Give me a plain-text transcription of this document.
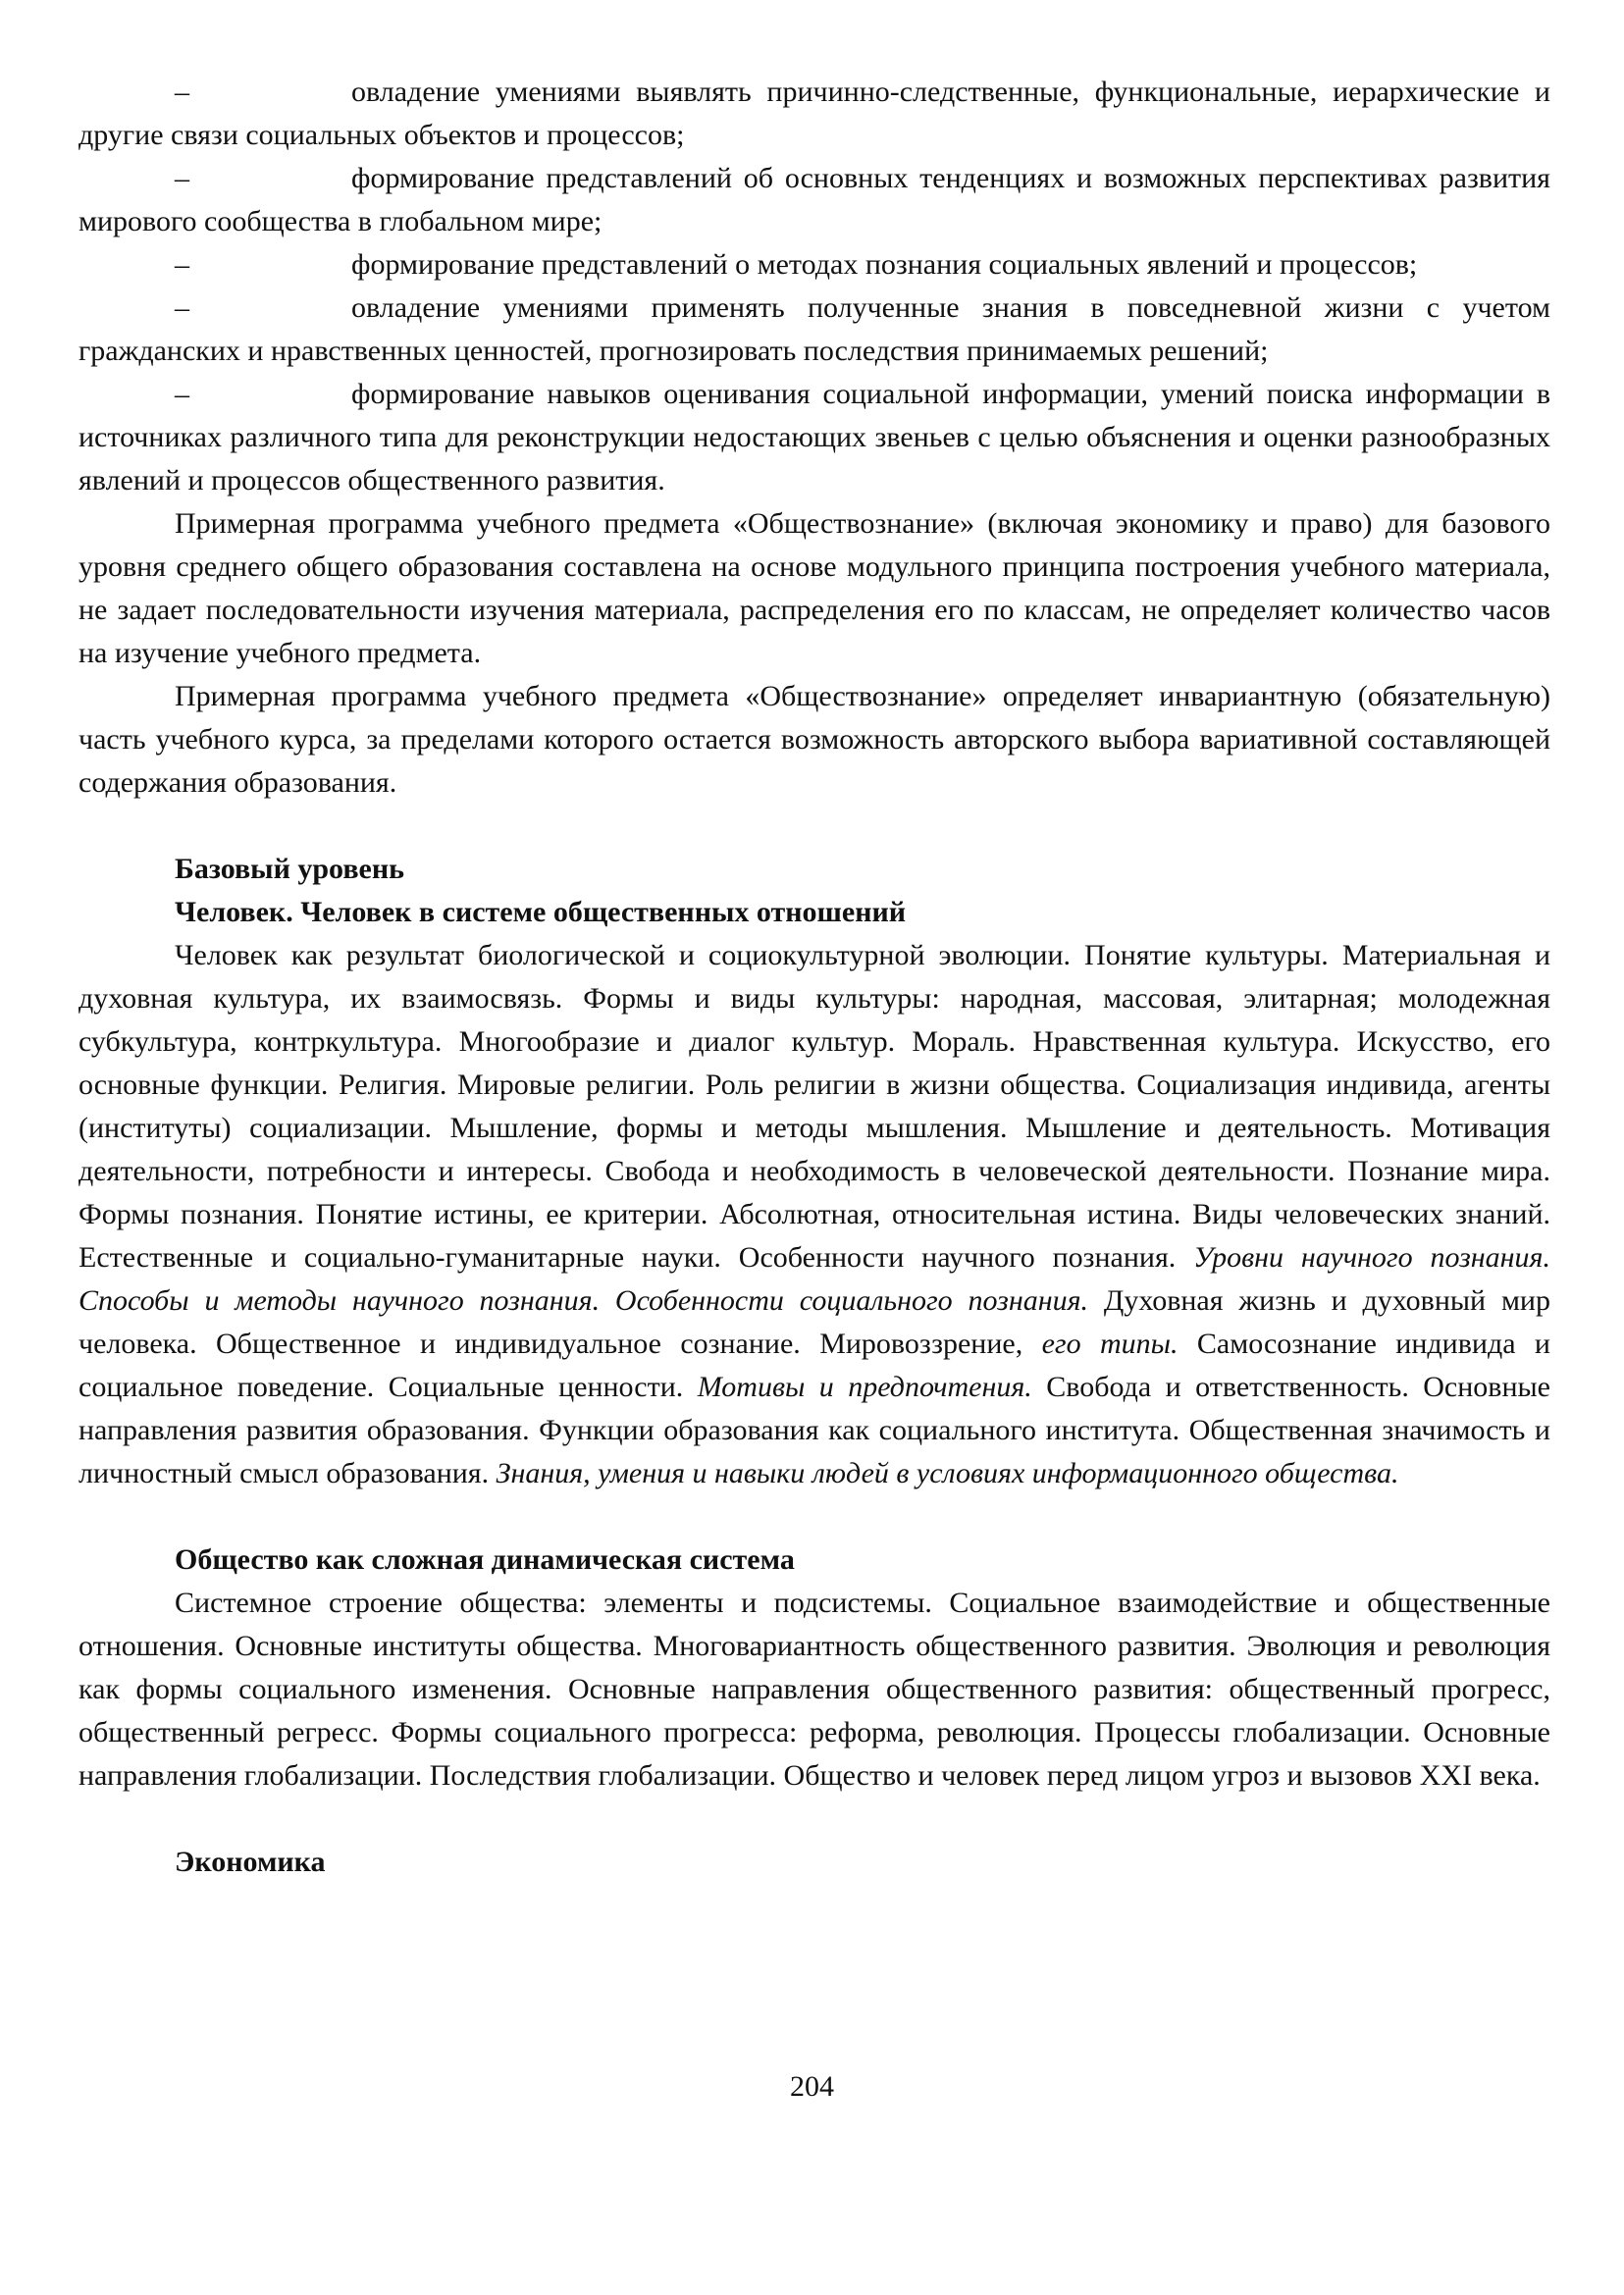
–	овладение умениями выявлять причинно-следственные, функциональные, иерархические и другие связи социальных объектов и процессов;

–	формирование представлений об основных тенденциях и возможных перспективах развития мирового сообщества в глобальном мире;

–	формирование представлений о методах познания социальных явлений и процессов;

–	овладение умениями применять полученные знания в повседневной жизни с учетом гражданских и нравственных ценностей, прогнозировать последствия принимаемых решений;

–	формирование навыков оценивания социальной информации, умений поиска информации в источниках различного типа для реконструкции недостающих звеньев с целью объяснения и оценки разнообразных явлений и процессов общественного развития.

Примерная программа учебного предмета «Обществознание» (включая экономику и право) для базового уровня среднего общего образования составлена на основе модульного принципа построения учебного материала, не задает последовательности изучения материала, распределения его по классам, не определяет количество часов на изучение учебного предмета.

Примерная программа учебного предмета «Обществознание» определяет инвариантную (обязательную) часть учебного курса, за пределами которого остается возможность авторского выбора вариативной составляющей содержания образования.

Базовый уровень

Человек. Человек в системе общественных отношений

Человек как результат биологической и социокультурной эволюции. Понятие культуры. Материальная и духовная культура, их взаимосвязь. Формы и виды культуры: народная, массовая, элитарная; молодежная субкультура, контркультура. Многообразие и диалог культур. Мораль. Нравственная культура. Искусство, его основные функции. Религия. Мировые религии. Роль религии в жизни общества. Социализация индивида, агенты (институты) социализации. Мышление, формы и методы мышления. Мышление и деятельность. Мотивация деятельности, потребности и интересы. Свобода и необходимость в человеческой деятельности. Познание мира. Формы познания. Понятие истины, ее критерии. Абсолютная, относительная истина. Виды человеческих знаний. Естественные и социально-гуманитарные науки. Особенности научного познания. Уровни научного познания. Способы и методы научного познания. Особенности социального познания. Духовная жизнь и духовный мир человека. Общественное и индивидуальное сознание. Мировоззрение, его типы. Самосознание индивида и социальное поведение. Социальные ценности. Мотивы и предпочтения. Свобода и ответственность. Основные направления развития образования. Функции образования как социального института. Общественная значимость и личностный смысл образования. Знания, умения и навыки людей в условиях информационного общества.

Общество как сложная динамическая система

Системное строение общества: элементы и подсистемы. Социальное взаимодействие и общественные отношения. Основные институты общества. Многовариантность общественного развития. Эволюция и революция как формы социального изменения. Основные направления общественного развития: общественный прогресс, общественный регресс. Формы социального прогресса: реформа, революция. Процессы глобализации. Основные направления глобализации. Последствия глобализации. Общество и человек перед лицом угроз и вызовов XXI века.

Экономика

204
